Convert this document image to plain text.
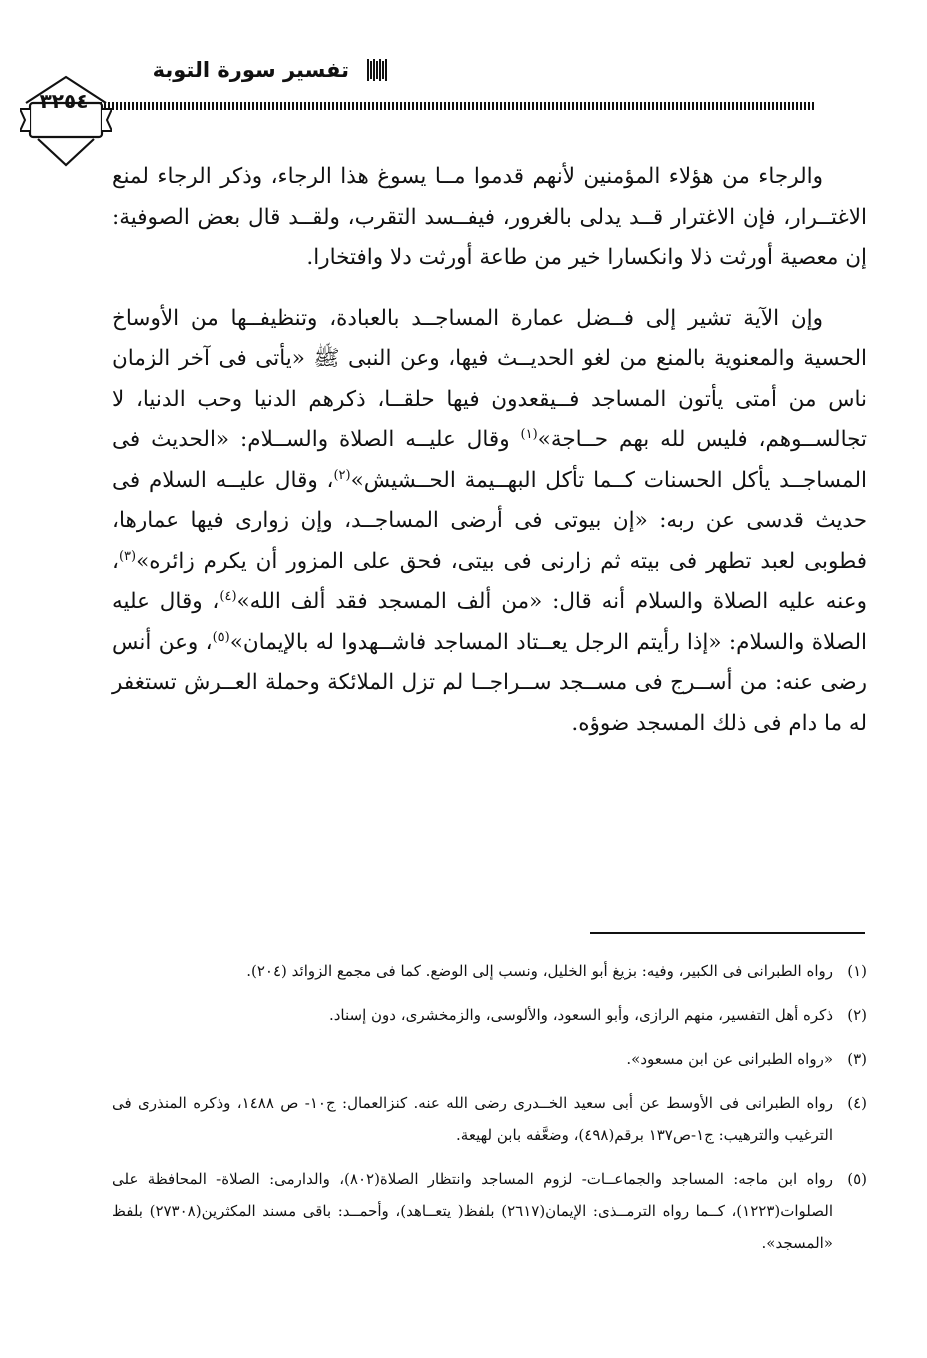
تفسير سورة التوبة
٣٢٥٤

والرجاء من هؤلاء المؤمنين لأنهم قدموا مــا يسوغ هذا الرجاء، وذكر الرجاء لمنع الاغتــرار، فإن الاغترار قــد يدلى بالغرور، فيفــسد التقرب، ولقــد قال بعض الصوفية: إن معصية أورثت ذلا وانكسارا خير من طاعة أورثت دلا وافتخارا.

وإن الآية تشير إلى فــضل عمارة المساجــد بالعبادة، وتنظيفــها من الأوساخ الحسية والمعنوية بالمنع من لغو الحديــث فيها، وعن النبى ﷺ «يأتى فى آخر الزمان ناس من أمتى يأتون المساجد فــيقعدون فيها حلقــا، ذكرهم الدنيا وحب الدنيا، لا تجالســوهم، فليس لله بهم حــاجة»$^{(١)}$ وقال عليــه الصلاة والســلام: «الحديث فى المساجــد يأكل الحسنات كــما تأكل البهــيمة الحــشيش»$^{(٢)}$، وقال عليــه السلام فى حديث قدسى عن ربه: «إن بيوتى فى أرضى المساجــد، وإن زوارى فيها عمارها، فطوبى لعبد تطهر فى بيته ثم زارنى فى بيتى، فحق على المزور أن يكرم زائره»$^{(٣)}$، وعنه عليه الصلاة والسلام أنه قال: «من ألف المسجد فقد ألف الله»$^{(٤)}$، وقال عليه الصلاة والسلام: «إذا رأيتم الرجل يعــتاد المساجد فاشــهدوا له بالإيمان»$^{(٥)}$، وعن أنس رضى عنه: من أســرج فى مســجد ســراجــا لم تزل الملائكة وحملة العــرش تستغفر له ما دام فى ذلك المسجد ضوؤه.

(١)رواه الطبرانى فى الكبير، وفيه: بزيغ أبو الخليل، ونسب إلى الوضع. كما فى مجمع الزوائد (٢٠٤).

(٢)ذكره أهل التفسير، منهم الرازى، وأبو السعود، والألوسى، والزمخشرى، دون إسناد.

(٣)«رواه الطبرانى عن ابن مسعود».

(٤)رواه الطبرانى فى الأوسط عن أبى سعيد الخــدرى رضى الله عنه. كنزالعمال: ج١٠- ص ١٤٨٨، وذكره المنذرى فى الترغيب والترهيب: ج١-ص١٣٧ برقم(٤٩٨)، وضعَّفه بابن لهيعة.

(٥)رواه ابن ماجه: المساجد والجماعــات- لزوم المساجد وانتظار الصلاة(٨٠٢)، والدارمى: الصلاة- المحافظة على الصلوات(١٢٢٣)، كــما رواه الترمــذى: الإيمان(٢٦١٧) بلفظ( يتعــاهد)، وأحمــد: باقى مسند المكثرين(٢٧٣٠٨) بلفظ «المسجد».
